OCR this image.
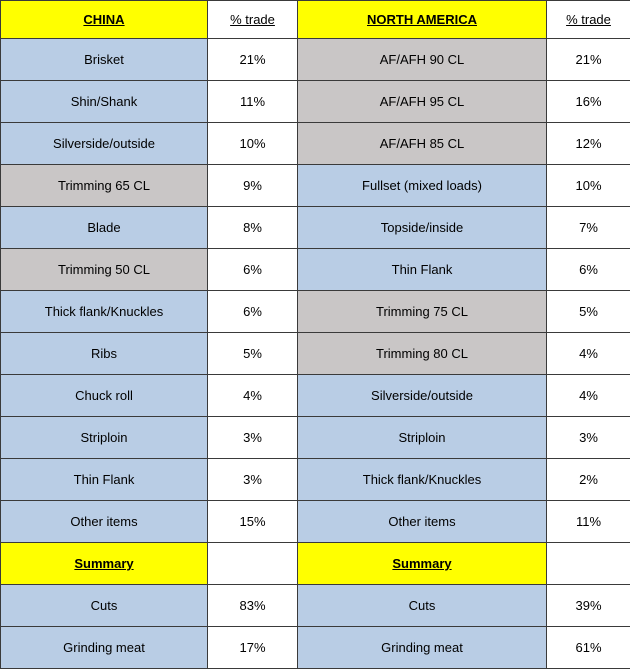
CHINA	% trade	NORTH AMERICA	% trade
Brisket	21%	AF/AFH 90 CL	21%
Shin/Shank	11%	AF/AFH 95 CL	16%
Silverside/outside	10%	AF/AFH 85 CL	12%
Trimming 65 CL	9%	Fullset (mixed loads)	10%
Blade	8%	Topside/inside	7%
Trimming 50 CL	6%	Thin Flank	6%
Thick flank/Knuckles	6%	Trimming 75 CL	5%
Ribs	5%	Trimming 80 CL	4%
Chuck roll	4%	Silverside/outside	4%
Striploin	3%	Striploin	3%
Thin Flank	3%	Thick flank/Knuckles	2%
Other items	15%	Other items	11%
Summary		Summary	
Cuts	83%	Cuts	39%
Grinding meat	17%	Grinding meat	61%
